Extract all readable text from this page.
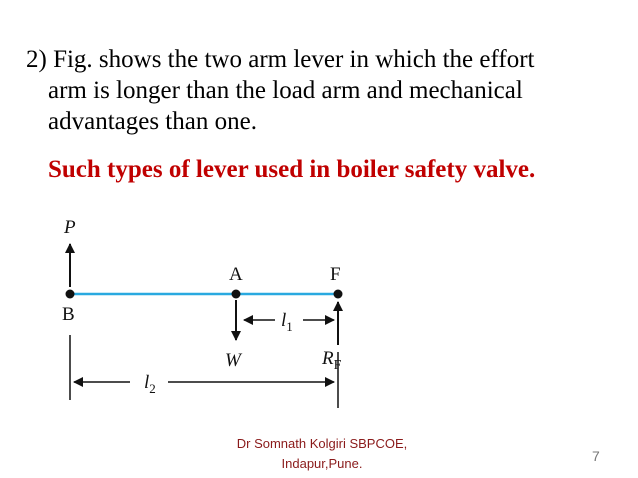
2) Fig. shows the two arm lever in which the effort
arm is longer than the load arm and mechanical
advantages than one.
Such types of lever used in boiler safety valve.
P
B
A	F
W	$R_F$
$l_1$
$l_2$
Dr Somnath Kolgiri SBPCOE,
Indapur,Pune.	7
